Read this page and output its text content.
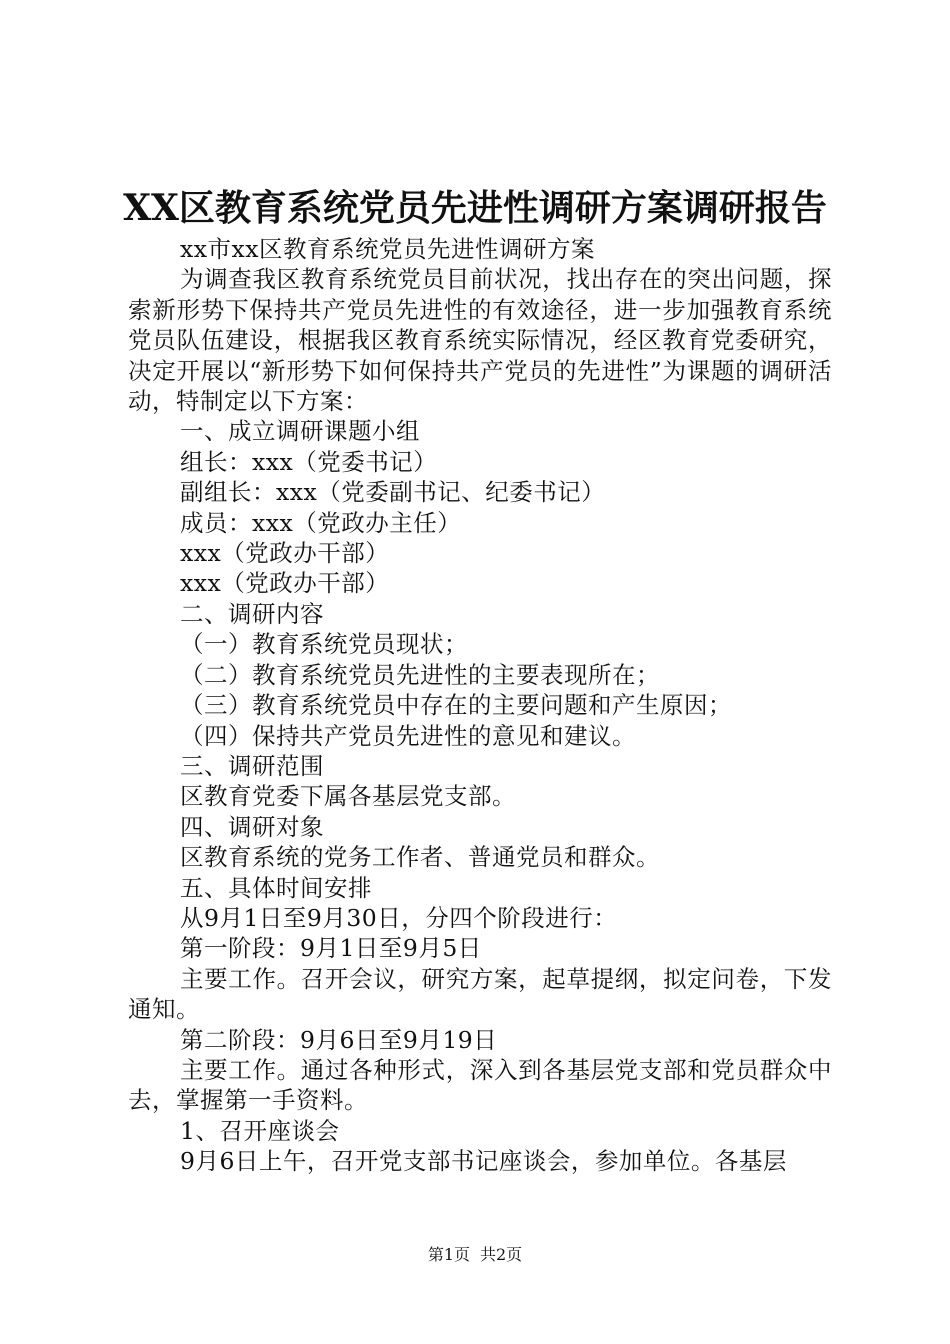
XX区教育系统党员先进性调研方案调研报告

xx市xx区教育系统党员先进性调研方案

为调查我区教育系统党员目前状况，找出存在的突出问题，探索新形势下保持共产党员先进性的有效途径，进一步加强教育系统党员队伍建设，根据我区教育系统实际情况，经区教育党委研究，决定开展以“新形势下如何保持共产党员的先进性”为课题的调研活动，特制定以下方案：

一、成立调研课题小组

组长：xxx（党委书记）

副组长：xxx（党委副书记、纪委书记）

成员：xxx（党政办主任）

xxx（党政办干部）

xxx（党政办干部）

二、调研内容

（一）教育系统党员现状；

（二）教育系统党员先进性的主要表现所在；

（三）教育系统党员中存在的主要问题和产生原因；

（四）保持共产党员先进性的意见和建议。

三、调研范围

区教育党委下属各基层党支部。

四、调研对象

区教育系统的党务工作者、普通党员和群众。

五、具体时间安排

从9月1日至9月30日，分四个阶段进行：

第一阶段：9月1日至9月5日

主要工作。召开会议，研究方案，起草提纲，拟定问卷，下发通知。

第二阶段：9月6日至9月19日

主要工作。通过各种形式，深入到各基层党支部和党员群众中去，掌握第一手资料。

1、召开座谈会

9月6日上午，召开党支部书记座谈会，参加单位。各基层

第1页 共2页
